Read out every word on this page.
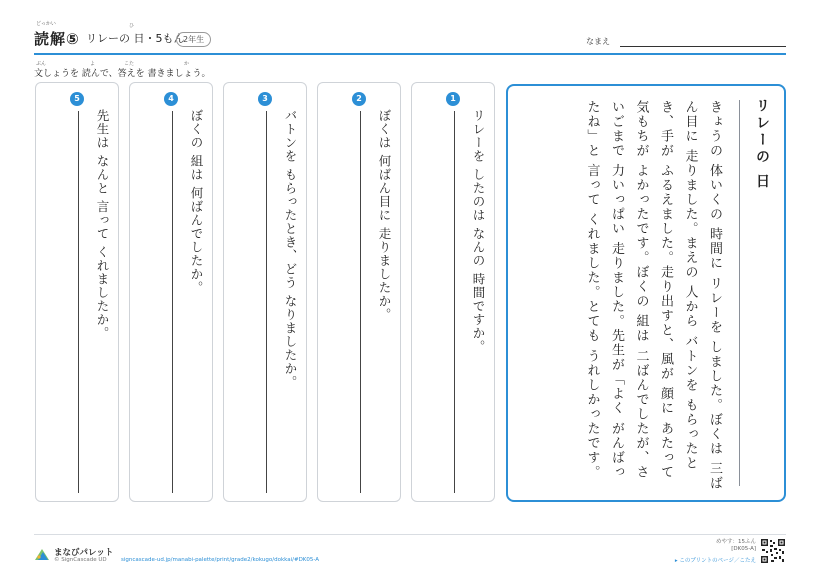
どっかい
読解⑤
ひ
リレーの 日・5もん
2年生	なまえ
文しょうを 読んで、答えを 書きましょう。
1
リレーを したのは なんの 時間ですか。
2
ぼくは 何ばん目に 走りましたか。
3
バトンを もらったとき、どう なりましたか。
4
ぼくの 組は 何ばんでしたか。
5
先生は なんと 言って くれましたか。	リレーの 日
きょうの 体いくの 時間に リレーを しました。ぼくは 三ばん目に 走りました。まえの 人から バトンを もらったとき、手が ふるえました。走り出すと、風が 顔に あたって 気もちが よかったです。ぼくの 組は 二ばんでしたが、さいごまで 力いっぱい 走りました。先生が「よく がんばったね」と 言って くれました。とても うれしかったです。
まなびパレット
© SignCascade UD	signcascade-ud.jp/manabi-palette/print/grade2/kokugo/dokkai/#DK05-A
めやす：15ふん
[DK05-A]
▸ このプリントのページ／こたえ
ぶん	よ	こた	か
